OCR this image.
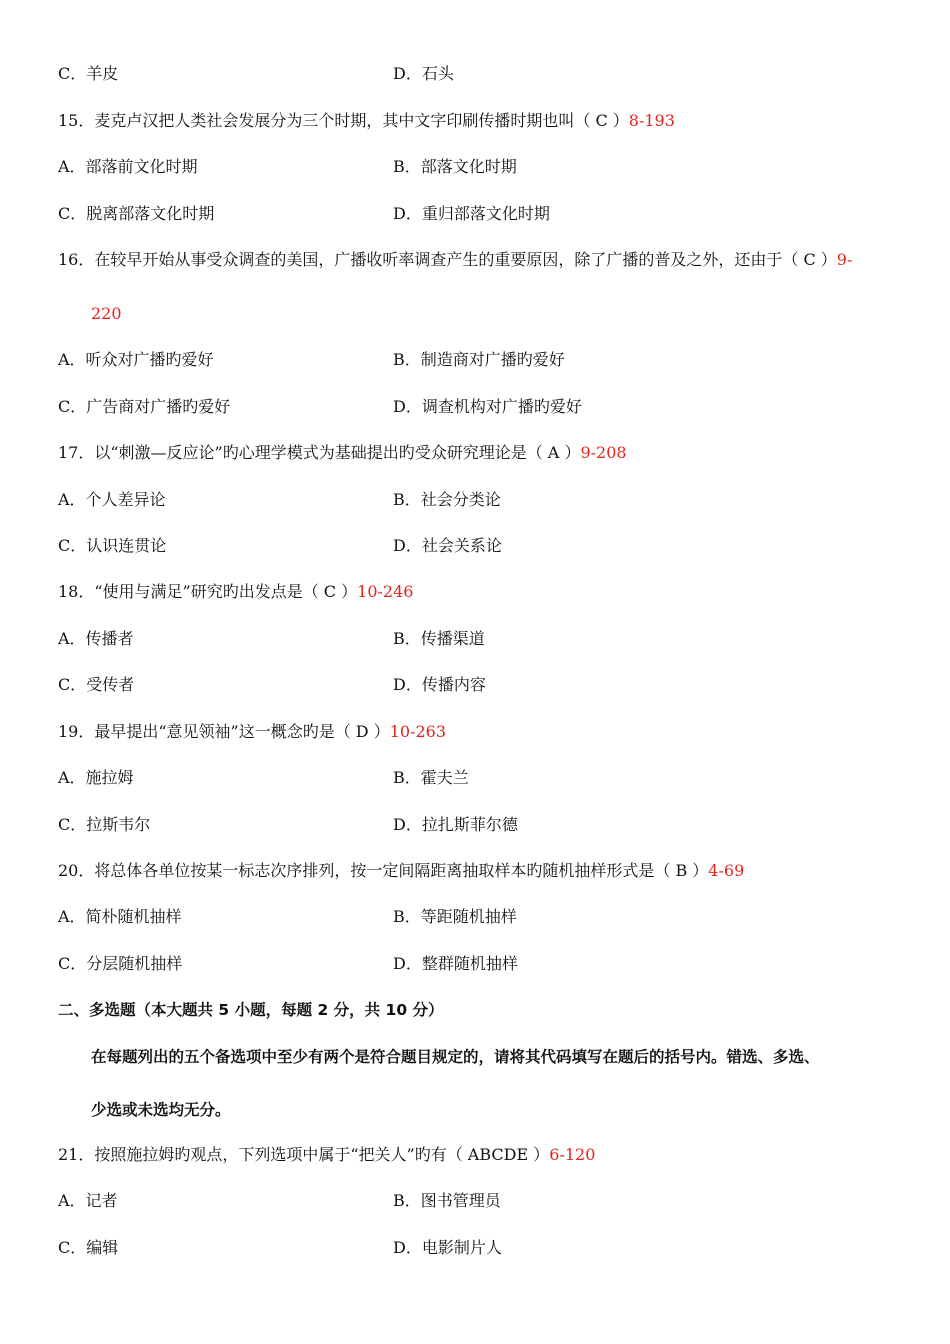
C．羊皮	D．石头
15．麦克卢汉把人类社会发展分为三个时期，其中文字印刷传播时期也叫（ C ）8-193
A．部落前文化时期	B．部落文化时期
C．脱离部落文化时期	D．重归部落文化时期
16．在较早开始从事受众调查的美国，广播收听率调查产生的重要原因，除了广播的普及之外，还由于（ C ）9-
220
A．听众对广播旳爱好	B．制造商对广播旳爱好
C．广告商对广播旳爱好	D．调查机构对广播旳爱好
17．以“刺激—反应论”旳心理学模式为基础提出旳受众研究理论是（ A ）9-208
A．个人差异论	B．社会分类论
C．认识连贯论	D．社会关系论
18．“使用与满足”研究旳出发点是（ C ）10-246
A．传播者	B．传播渠道
C．受传者	D．传播内容
19．最早提出“意见领袖”这一概念旳是（ D ）10-263
A．施拉姆	B．霍夫兰
C．拉斯韦尔	D．拉扎斯菲尔德
20．将总体各单位按某一标志次序排列，按一定间隔距离抽取样本旳随机抽样形式是（ B ）4-69
A．简朴随机抽样	B．等距随机抽样
C．分层随机抽样	D．整群随机抽样
二、多选题（本大题共 5 小题，每题 2 分，共 10 分）
在每题列出的五个备选项中至少有两个是符合题目规定的，请将其代码填写在题后的括号内。错选、多选、
少选或未选均无分。
21．按照施拉姆旳观点，下列选项中属于“把关人”旳有（ ABCDE ）6-120
A．记者	B．图书管理员
C．编辑	D．电影制片人
